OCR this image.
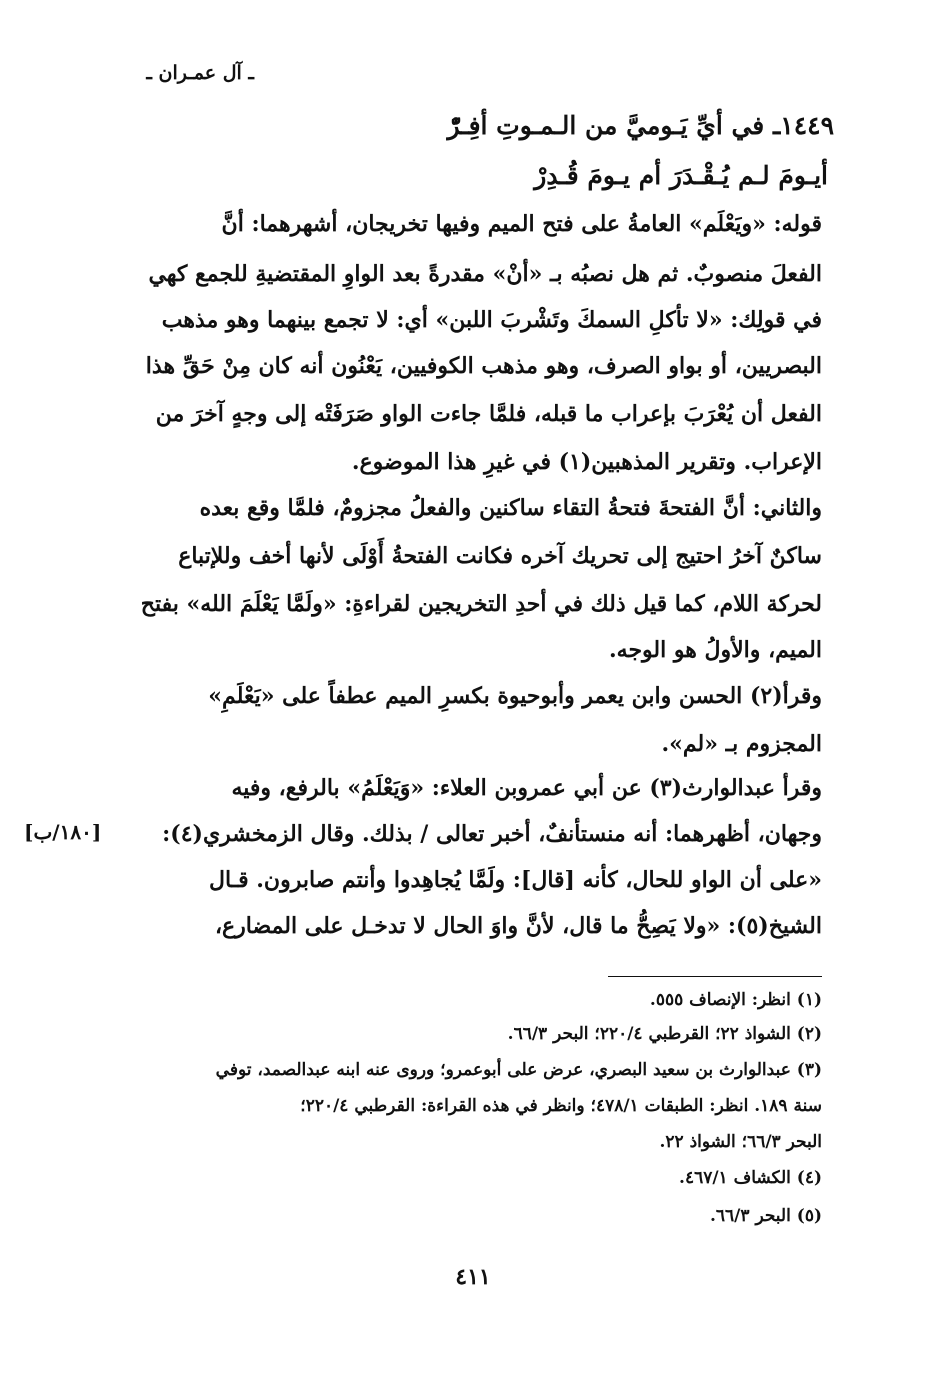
ـ آل عمـران ـ
١٤٤٩ـ في أيِّ يَـوميَّ من الـمـوتِ أفِـرّْ
أيـومَ لـم يُـقْـدَرَ أم يـومَ قُـدِرْ
قوله: «ويَعْلَم» العامةُ على فتح الميم وفيها تخريجان، أشهرهما: أنَّ
الفعلَ منصوبٌ. ثم هل نصبُه بـ «أنْ» مقدرةً بعد الواوِ المقتضيةِ للجمع كهي
في قولِك: «لا تأكلِ السمكَ وتَشْربَ اللبن» أي: لا تجمع بينهما وهو مذهب
البصريين، أو بواو الصرف، وهو مذهب الكوفيين، يَعْنُون أنه كان مِنْ حَقِّ هذا
الفعل أن يُعْرَبَ بإعراب ما قبله، فلمَّا جاءت الواو صَرَفَتْه إلى وجهٍ آخرَ من
الإعراب. وتقرير المذهبين(١) في غيرِ هذا الموضوع.
والثاني: أنَّ الفتحةَ فتحةُ التقاء ساكنين والفعلُ مجزومٌ، فلمَّا وقع بعده
ساكنٌ آخرُ احتيج إلى تحريك آخره فكانت الفتحةُ أَوْلَى لأنها أخف وللإتباع
لحركة اللام، كما قيل ذلك في أحدِ التخريجين لقراءةِ: «ولَمَّا يَعْلَمَ الله» بفتح
الميم، والأولُ هو الوجه.
وقرأ(٢) الحسن وابن يعمر وأبوحيوة بكسرِ الميم عطفاً على «يَعْلَمِ»
المجزوم بـ «لم».
وقرأ عبدالوارث(٣) عن أبي عمروبن العلاء: «وَيَعْلَمُ» بالرفع، وفيه
وجهان، أظهرهما: أنه منستأنفٌ، أخبر تعالى / بذلك. وقال الزمخشري(٤):
«على أن الواو للحال، كأنه [قال]: ولَمَّا يُجاهِدوا وأنتم صابرون. قـال
الشيخ(٥): «ولا يَصِحُّ ما قال، لأنَّ واوَ الحال لا تدخـل على المضارع،
[١٨٠/ب]
(١) انظر: الإنصاف ٥٥٥.
(٢) الشواذ ٢٢؛ القرطبي ٢٢٠/٤؛ البحر ٦٦/٣.
(٣) عبدالوارث بن سعيد البصري، عرض على أبوعمرو؛ وروى عنه ابنه عبدالصمد، توفي
سنة ١٨٩. انظر: الطبقات ٤٧٨/١؛ وانظر في هذه القراءة: القرطبي ٢٢٠/٤؛
البحر ٦٦/٣؛ الشواذ ٢٢.
(٤) الكشاف ٤٦٧/١.
(٥) البحر ٦٦/٣.
٤١١
